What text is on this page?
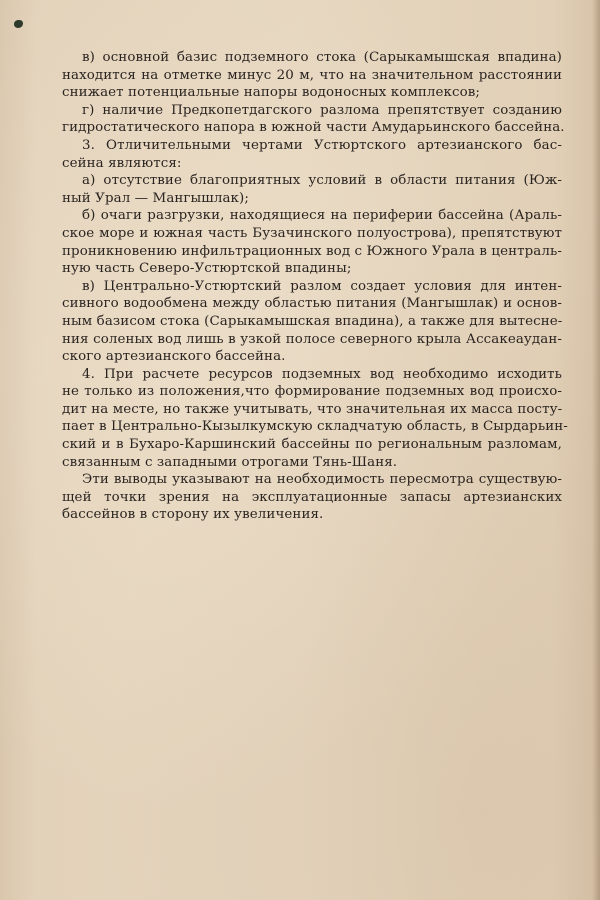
в) основной базис подземного стока (Сарыкамышская впадина)
находится на отметке минус 20 м, что на значительном расстоянии
снижает потенциальные напоры водоносных комплексов;
г) наличие Предкопетдагского разлома препятствует созданию
гидростатического напора в южной части Амударьинского бассейна.
3. Отличительными чертами Устюртского артезианского бас-
сейна являются:
а) отсутствие благоприятных условий в области питания (Юж-
ный Урал — Мангышлак);
б) очаги разгрузки, находящиеся на периферии бассейна (Араль-
ское море и южная часть Бузачинского полуострова), препятствуют
проникновению инфильтрационных вод с Южного Урала в централь-
ную часть Северо-Устюртской впадины;
в) Центрально-Устюртский разлом создает условия для интен-
сивного водообмена между областью питания (Мангышлак) и основ-
ным базисом стока (Сарыкамышская впадина), а также для вытесне-
ния соленых вод лишь в узкой полосе северного крыла Ассакеаудан-
ского артезианского бассейна.
4. При расчете ресурсов подземных вод необходимо исходить
не только из положения,что формирование подземных вод происхо-
дит на месте, но также учитывать, что значительная их масса посту-
пает в Центрально-Кызылкумскую складчатую область, в Сырдарьин-
ский и в Бухаро-Каршинский бассейны по региональным разломам,
связанным с западными отрогами Тянь-Шаня.
Эти выводы указывают на необходимость пересмотра существую-
щей точки зрения на эксплуатационные запасы артезианских
бассейнов в сторону их увеличения.
